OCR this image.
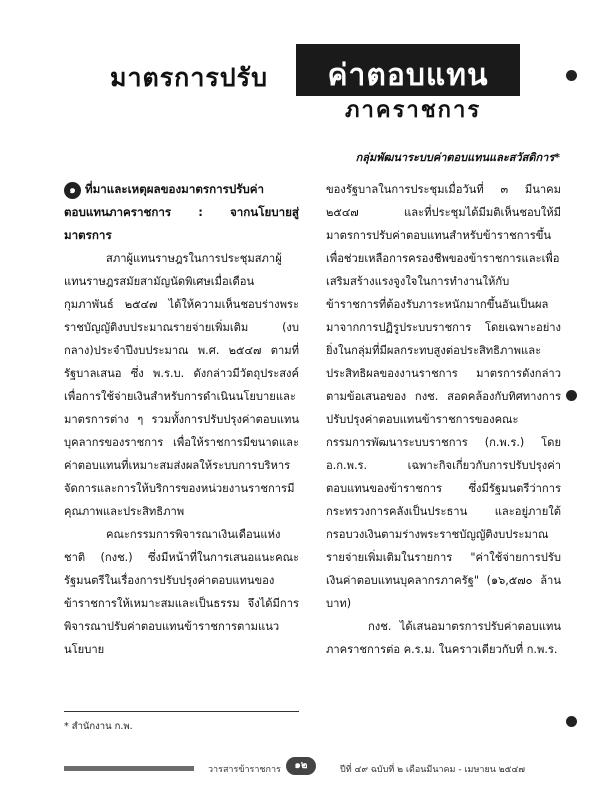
มาตรการปรับ	ค่าตอบแทน
ภาคราชการ
กลุ่มพัฒนาระบบค่าตอบแทนและสวัสดิการ*

๑ ที่มาและเหตุผลของมาตรการปรับค่าตอบแทนภาคราชการ : จากนโยบายสู่มาตรการ

สภาผู้แทนราษฎรในการประชุมสภาผู้แทนราษฎรสมัยสามัญนัดพิเศษเมื่อเดือนกุมภาพันธ์ ๒๕๔๗ ได้ให้ความเห็นชอบร่างพระราชบัญญัติงบประมาณรายจ่ายเพิ่มเติม (งบกลาง)ประจำปีงบประมาณ พ.ศ. ๒๕๔๗ ตามที่รัฐบาลเสนอ ซึ่ง พ.ร.บ. ดังกล่าวมีวัตถุประสงค์เพื่อการใช้จ่ายเงินสำหรับการดำเนินนโยบายและมาตรการต่าง ๆ รวมทั้งการปรับปรุงค่าตอบแทนบุคลากรของราชการ เพื่อให้ราชการมีขนาดและค่าตอบแทนที่เหมาะสมส่งผลให้ระบบการบริหารจัดการและการให้บริการของหน่วยงานราชการมีคุณภาพและประสิทธิภาพ

คณะกรรมการพิจารณาเงินเดือนแห่งชาติ (กงช.) ซึ่งมีหน้าที่ในการเสนอแนะคณะรัฐมนตรีในเรื่องการปรับปรุงค่าตอบแทนของข้าราชการให้เหมาะสมและเป็นธรรม จึงได้มีการพิจารณาปรับค่าตอบแทนข้าราชการตามแนวนโยบาย

ของรัฐบาลในการประชุมเมื่อวันที่ ๓ มีนาคม ๒๕๔๗ และที่ประชุมได้มีมติเห็นชอบให้มีมาตรการปรับค่าตอบแทนสำหรับข้าราชการขึ้นเพื่อช่วยเหลือการครองชีพของข้าราชการและเพื่อเสริมสร้างแรงจูงใจในการทำงานให้กับข้าราชการที่ต้องรับภาระหนักมากขึ้นอันเป็นผลมาจากการปฏิรูประบบราชการ โดยเฉพาะอย่างยิ่งในกลุ่มที่มีผลกระทบสูงต่อประสิทธิภาพและประสิทธิผลของงานราชการ มาตรการดังกล่าวตามข้อเสนอของ กงช. สอดคล้องกับทิศทางการปรับปรุงค่าตอบแทนข้าราชการของคณะกรรมการพัฒนาระบบราชการ (ก.พ.ร.) โดย อ.ก.พ.ร. เฉพาะกิจเกี่ยวกับการปรับปรุงค่าตอบแทนของข้าราชการ ซึ่งมีรัฐมนตรีว่าการกระทรวงการคลังเป็นประธาน และอยู่ภายใต้กรอบวงเงินตามร่างพระราชบัญญัติงบประมาณรายจ่ายเพิ่มเติมในรายการ "ค่าใช้จ่ายการปรับเงินค่าตอบแทนบุคลากรภาครัฐ" (๑๖,๕๗๐ ล้านบาท)

กงช. ได้เสนอมาตรการปรับค่าตอบแทนภาคราชการต่อ ค.ร.ม. ในคราวเดียวกับที่ ก.พ.ร.

* สำนักงาน ก.พ.
วารสารข้าราชการ	๑๒	ปีที่ ๔๙ ฉบับที่ ๒ เดือนมีนาคม - เมษายน ๒๕๔๗
